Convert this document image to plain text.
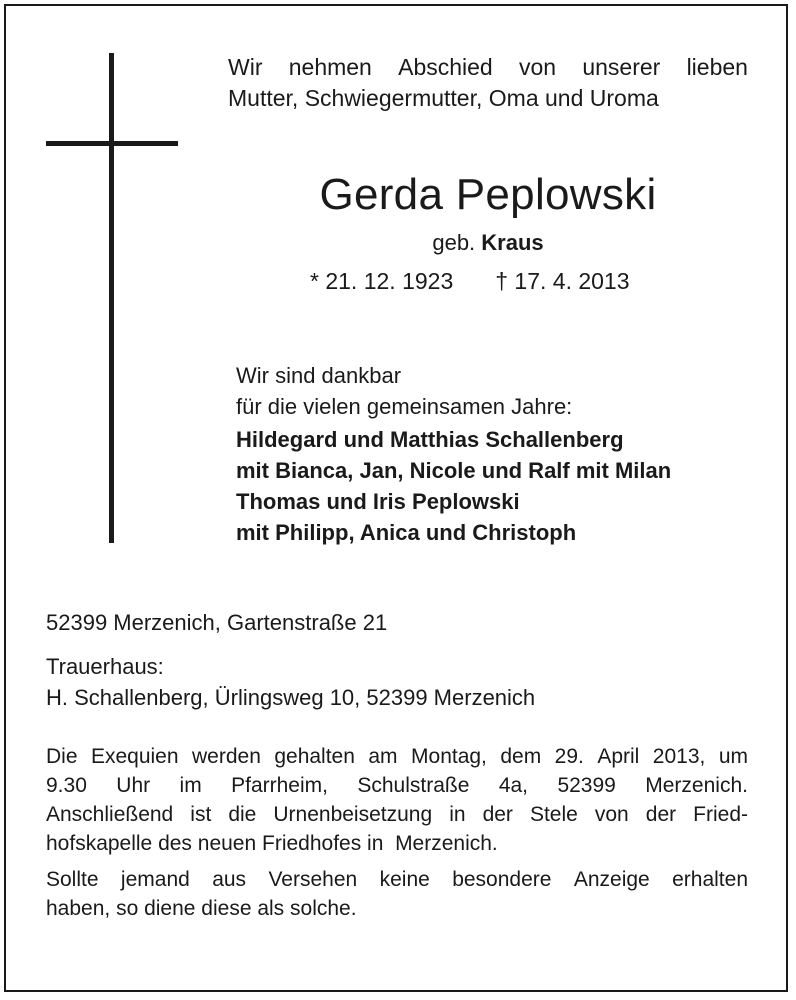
Wir nehmen Abschied von unserer lieben
Mutter, Schwiegermutter, Oma und Uroma
Gerda Peplowski
geb. Kraus
* 21. 12. 1923 † 17. 4. 2013
Wir sind dankbar
für die vielen gemeinsamen Jahre:
Hildegard und Matthias Schallenberg
mit Bianca, Jan, Nicole und Ralf mit Milan
Thomas und Iris Peplowski
mit Philipp, Anica und Christoph
52399 Merzenich, Gartenstraße 21
Trauerhaus:
H. Schallenberg, Ürlingsweg 10, 52399 Merzenich
Die Exequien werden gehalten am Montag, dem 29. April 2013, um
9.30 Uhr im Pfarrheim, Schulstraße 4a, 52399 Merzenich.
Anschließend ist die Urnenbeisetzung in der Stele von der Fried-
hofskapelle des neuen Friedhofes in  Merzenich.
Sollte jemand aus Versehen keine besondere Anzeige erhalten
haben, so diene diese als solche.
